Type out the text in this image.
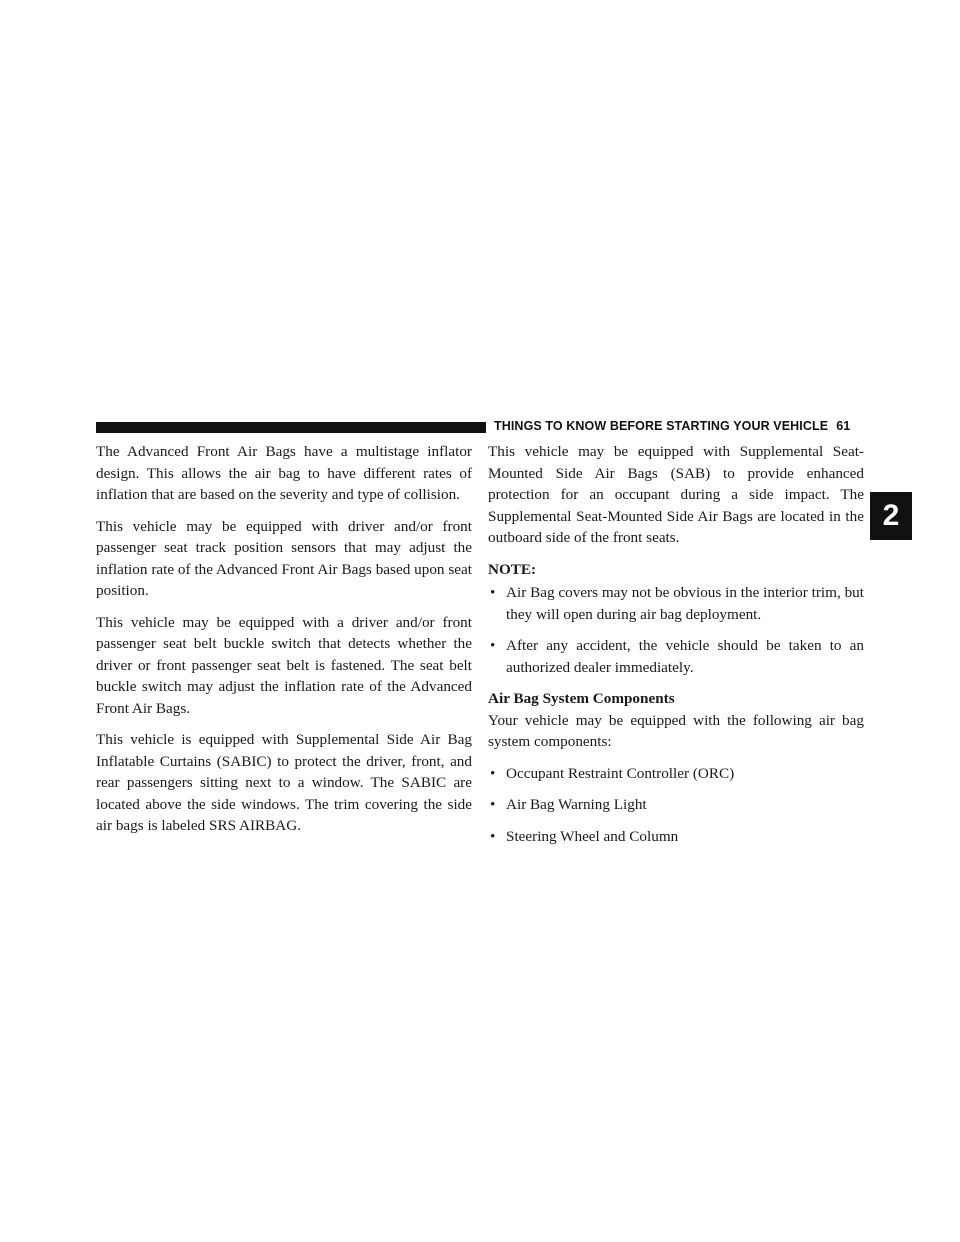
THINGS TO KNOW BEFORE STARTING YOUR VEHICLE 61
2

The Advanced Front Air Bags have a multistage inflator design. This allows the air bag to have different rates of inflation that are based on the severity and type of collision.

This vehicle may be equipped with driver and/or front passenger seat track position sensors that may adjust the inflation rate of the Advanced Front Air Bags based upon seat position.

This vehicle may be equipped with a driver and/or front passenger seat belt buckle switch that detects whether the driver or front passenger seat belt is fastened. The seat belt buckle switch may adjust the inflation rate of the Advanced Front Air Bags.

This vehicle is equipped with Supplemental Side Air Bag Inflatable Curtains (SABIC) to protect the driver, front, and rear passengers sitting next to a window. The SABIC are located above the side windows. The trim covering the side air bags is labeled SRS AIRBAG.

This vehicle may be equipped with Supplemental Seat-Mounted Side Air Bags (SAB) to provide enhanced protection for an occupant during a side impact. The Supplemental Seat-Mounted Side Air Bags are located in the outboard side of the front seats.

NOTE:
• Air Bag covers may not be obvious in the interior trim, but they will open during air bag deployment.
• After any accident, the vehicle should be taken to an authorized dealer immediately.
Air Bag System Components

Your vehicle may be equipped with the following air bag system components:

• Occupant Restraint Controller (ORC)
• Air Bag Warning Light
• Steering Wheel and Column
